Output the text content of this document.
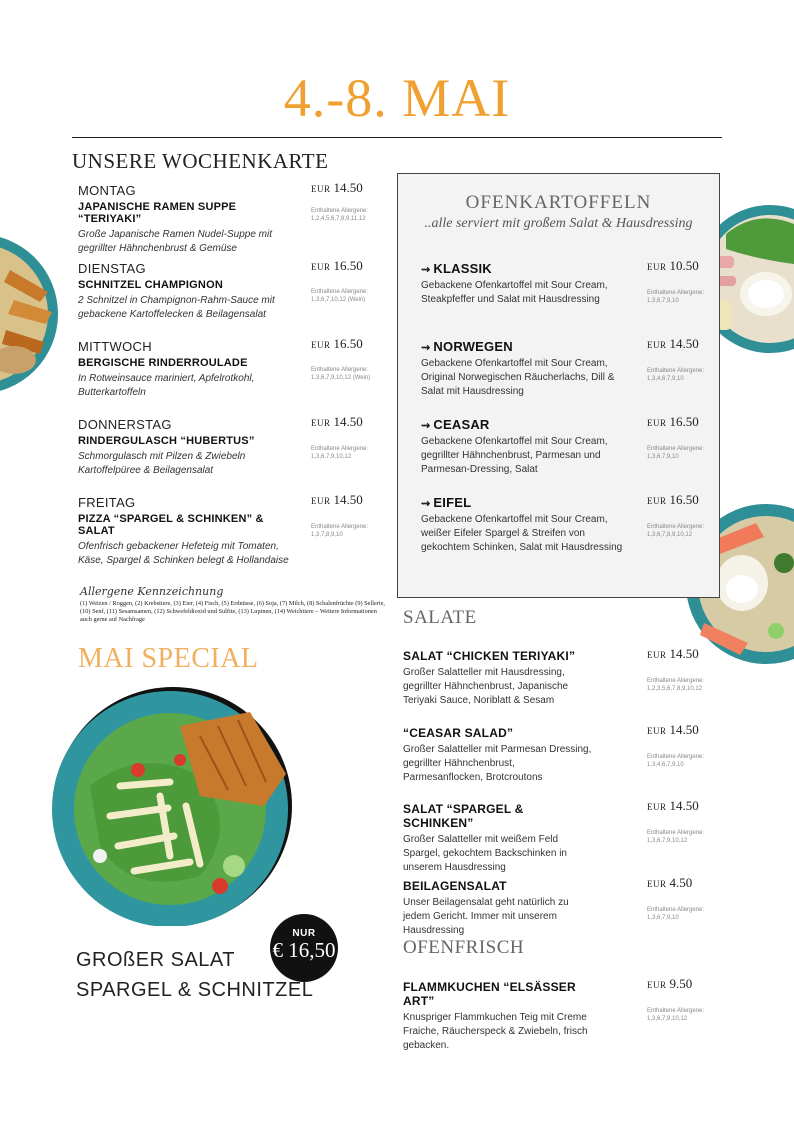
4.-8. MAI
UNSERE WOCHENKARTE
MONTAG
JAPANISCHE RAMEN SUPPE “TERIYAKI”
Große Japanische Ramen Nudel-Suppe mit gegrillter Hähnchenbrust & Gemüse
EUR 14.50
Enthaltene Allergene:
1,2,4,5,6,7,8,9,11,12
DIENSTAG
SCHNITZEL CHAMPIGNON
2 Schnitzel in Champignon-Rahm-Sauce mit gebackene Kartoffelecken & Beilagensalat
EUR 16.50
Enthaltene Allergene:
1,3,6,7,10,12 (Wein)
MITTWOCH
BERGISCHE RINDERROULADE
In Rotweinsauce mariniert, Apfelrotkohl, Butterkartoffeln
EUR 16.50
Enthaltene Allergene:
1,3,6,7,9,10,12 (Wein)
DONNERSTAG
RINDERGULASCH “HUBERTUS”
Schmorgulasch mit Pilzen & Zwiebeln Kartoffelpüree & Beilagensalat
EUR 14.50
Enthaltene Allergene:
1,3,6,7,9,10,12
FREITAG
PIZZA “SPARGEL & SCHINKEN” & SALAT
Ofenfrisch gebackener Hefeteig mit Tomaten, Käse, Spargel & Schinken belegt & Hollandaise
EUR 14.50
Enthaltene Allergene:
1,3,7,8,9,10
OFENKARTOFFELN
..alle serviert mit großem Salat & Hausdressing
⇝ KLASSIK
Gebackene Ofenkartoffel mit Sour Cream, Steakpfeffer und Salat mit Hausdressing
EUR 10.50
Enthaltene Allergene:
1,3,6,7,9,10
⇝ NORWEGEN
Gebackene Ofenkartoffel mit Sour Cream, Original Norwegischen Räucherlachs, Dill & Salat mit Hausdressing
EUR 14.50
Enthaltene Allergene:
1,3,4,6,7,9,10
⇝ CEASAR
Gebackene Ofenkartoffel mit Sour Cream, gegrillter Hähnchenbrust, Parmesan und Parmesan-Dressing, Salat
EUR 16.50
Enthaltene Allergene:
1,3,6,7,9,10
⇝ EIFEL
Gebackene Ofenkartoffel mit Sour Cream, weißer Eifeler Spargel & Streifen von gekochtem Schinken, Salat mit Hausdressing
EUR 16.50
Enthaltene Allergene:
1,3,6,7,8,9,10,12
Allergene Kennzeichnung
(1) Weizen / Roggen, (2) Krebstiere, (3) Eier, (4) Fisch, (5) Erdnüsse, (6) Soja, (7) Milch, (8) Schalenfrüchte (9) Sellerie, (10) Senf, (11) Sesamsamen, (12) Schwefeldioxid und Sulfite, (13) Lupinen, (14) Weichtiere – Weitere Informationen auch gerne auf Nachfrage
MAI SPECIAL
GROßER SALAT
SPARGEL & SCHNITZEL
NUR
€ 16,50
SALATE
SALAT “CHICKEN TERIYAKI”
Großer Salatteller mit Hausdressing, gegrillter Hähnchenbrust, Japanische Teriyaki Sauce, Noriblatt & Sesam
EUR 14.50
Enthaltene Allergene:
1,2,3,5,6,7,8,9,10,12
“CEASAR SALAD”
Großer Salatteller mit Parmesan Dressing, gegrillter Hähnchenbrust, Parmesanflocken, Brotcroutons
EUR 14.50
Enthaltene Allergene:
1,3,4,6,7,9,10
SALAT “SPARGEL & SCHINKEN”
Großer Salatteller mit weißem Feld Spargel, gekochtem Backschinken in unserem Hausdressing
EUR 14.50
Enthaltene Allergene:
1,3,6,7,9,10,12
BEILAGENSALAT
Unser Beilagensalat geht natürlich zu jedem Gericht. Immer mit unserem Hausdressing
EUR 4.50
Enthaltene Allergene:
1,3,6,7,9,10
OFENFRISCH
FLAMMKUCHEN “ELSÄSSER ART”
Knuspriger Flammkuchen Teig mit Creme Fraiche, Räucherspeck & Zwiebeln, frisch gebacken.
EUR 9.50
Enthaltene Allergene:
1,3,6,7,9,10,12
